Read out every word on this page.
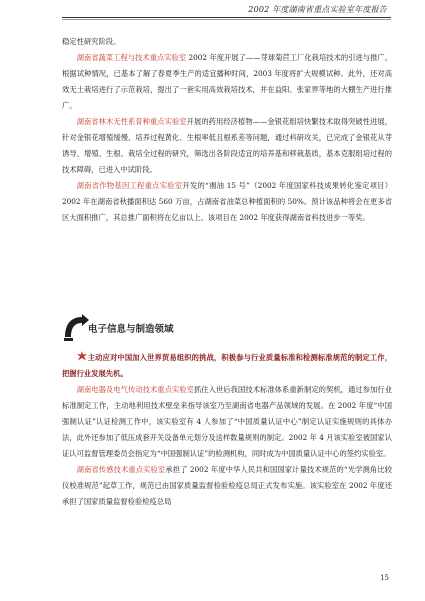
2002 年度湖南省重点实验室年度报告

稳定性研究阶段。

湖南省蔬菜工程与技术重点实验室 2002 年度开展了——芽球菊苣工厂化栽培技术的引进与推广。根据试种情况，已基本了解了春夏季生产的适宜播种时间，2003 年度将扩大规模试种。此外，还对高效无土栽培进行了示范栽培，提出了一套实用高效栽培技术，并在益阳、张家界等地的大棚生产进行推广。

湖南省林木无性系育种重点实验室开展的药用经济植物——金银花组培快繁技术取得突破性进展，针对金银花增殖缓慢、培养过程黄化、生根率低且根系差等问题，通过科研攻关，已完成了金银花从芽诱导、增殖、生根、栽培全过程的研究，筛选出各阶段适宜的培养基和移栽基质，基本克服组培过程的技术障碍，已进入中试阶段。

湖南省作物基因工程重点实验室开发的“湘油 15 号”（2002 年度国家科技成果转化鉴定项目）2002 年在湖南省秋播面积达 560 万亩，占湖南省油菜总种植面积的 50%。预计该品种将会在更多省区大面积推广，其总推广面积将在亿亩以上。该项目在 2002 年度获得湖南省科技进步一等奖。

电子信息与制造领域

主动应对中国加入世界贸易组织的挑战，积极参与行业质量标准和检测标准规范的制定工作，把握行业发展先机。

湖南电器及电气传动技术重点实验室抓住入世后我国技术标准体系重新制定的契机，通过参加行业标准制定工作，主动地利用技术壁垒来指导该室乃至湖南省电器产品领域的发展。在 2002 年度“中国强制认证”认证检测工作中，该实验室有 4 人参加了“中国质量认证中心”制定认证实施规则的具体办法，此外还参加了低压成套开关设备单元划分及送样数量规则的制定。2002 年 4 月该实验室被国家认证认可监督管理委员会指定为“中国强制认证”的检测机构，同时成为中国质量认证中心的签约实验室。

湖南省传感技术重点实验室承担了 2002 年度中华人民共和国国家计量技术规范的“光学测角比较仪校准规范”起草工作，规范已由国家质量监督检验检疫总局正式发布实施。该实验室在 2002 年度还承担了国家质量监督检验检疫总局

15
